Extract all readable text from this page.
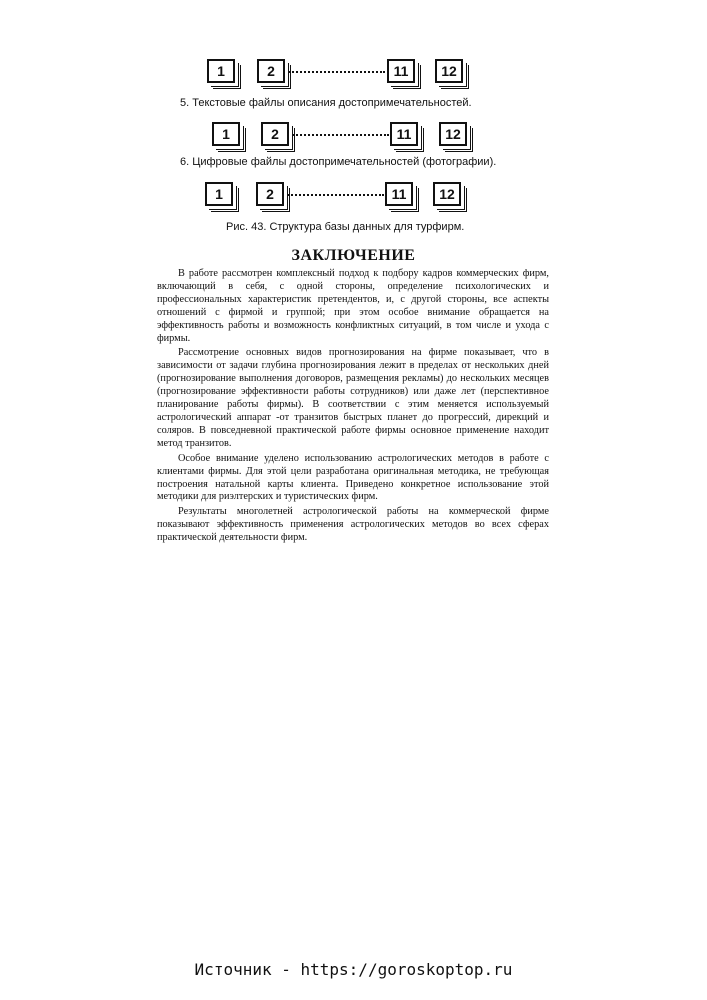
1	2	11	12
5. Текстовые файлы описания достопримечательностей.
1	2	11	12
6. Цифровые файлы достопримечательностей (фотографии).
1	2	11	12
Рис. 43. Структура базы данных для турфирм.
ЗАКЛЮЧЕНИЕ

В работе рассмотрен комплексный подход к подбору кадров коммерческих фирм, включающий в себя, с одной стороны, определение психологических и профессиональных характеристик претендентов, и, с другой стороны, все аспекты отношений с фирмой и группой; при этом особое внимание обращается на эффективность работы и возможность конфликтных ситуаций, в том числе и ухода с фирмы.

Рассмотрение основных видов прогнозирования на фирме показывает, что в зависимости от задачи глубина прогнозирования лежит в пределах от нескольких дней (прогнозирование выполнения договоров, размещения рекламы) до нескольких месяцев (прогнозирование эффективности работы сотрудников) или даже лет (перспективное планирование работы фирмы). В соответствии с этим меняется используемый астрологический аппарат -от транзитов быстрых планет до прогрессий, дирекций и соляров. В повседневной практической работе фирмы основное применение находит метод транзитов.

Особое внимание уделено использованию астрологических методов в работе с клиентами фирмы. Для этой цели разработана оригинальная методика, не требующая построения натальной карты клиента. Приведено конкретное использование этой методики для риэлтерских и туристических фирм.

Результаты многолетней астрологической работы на коммерческой фирме показывают эффективность применения астрологических методов во всех сферах практической деятельности фирм.

Источник - https://goroskoptop.ru
